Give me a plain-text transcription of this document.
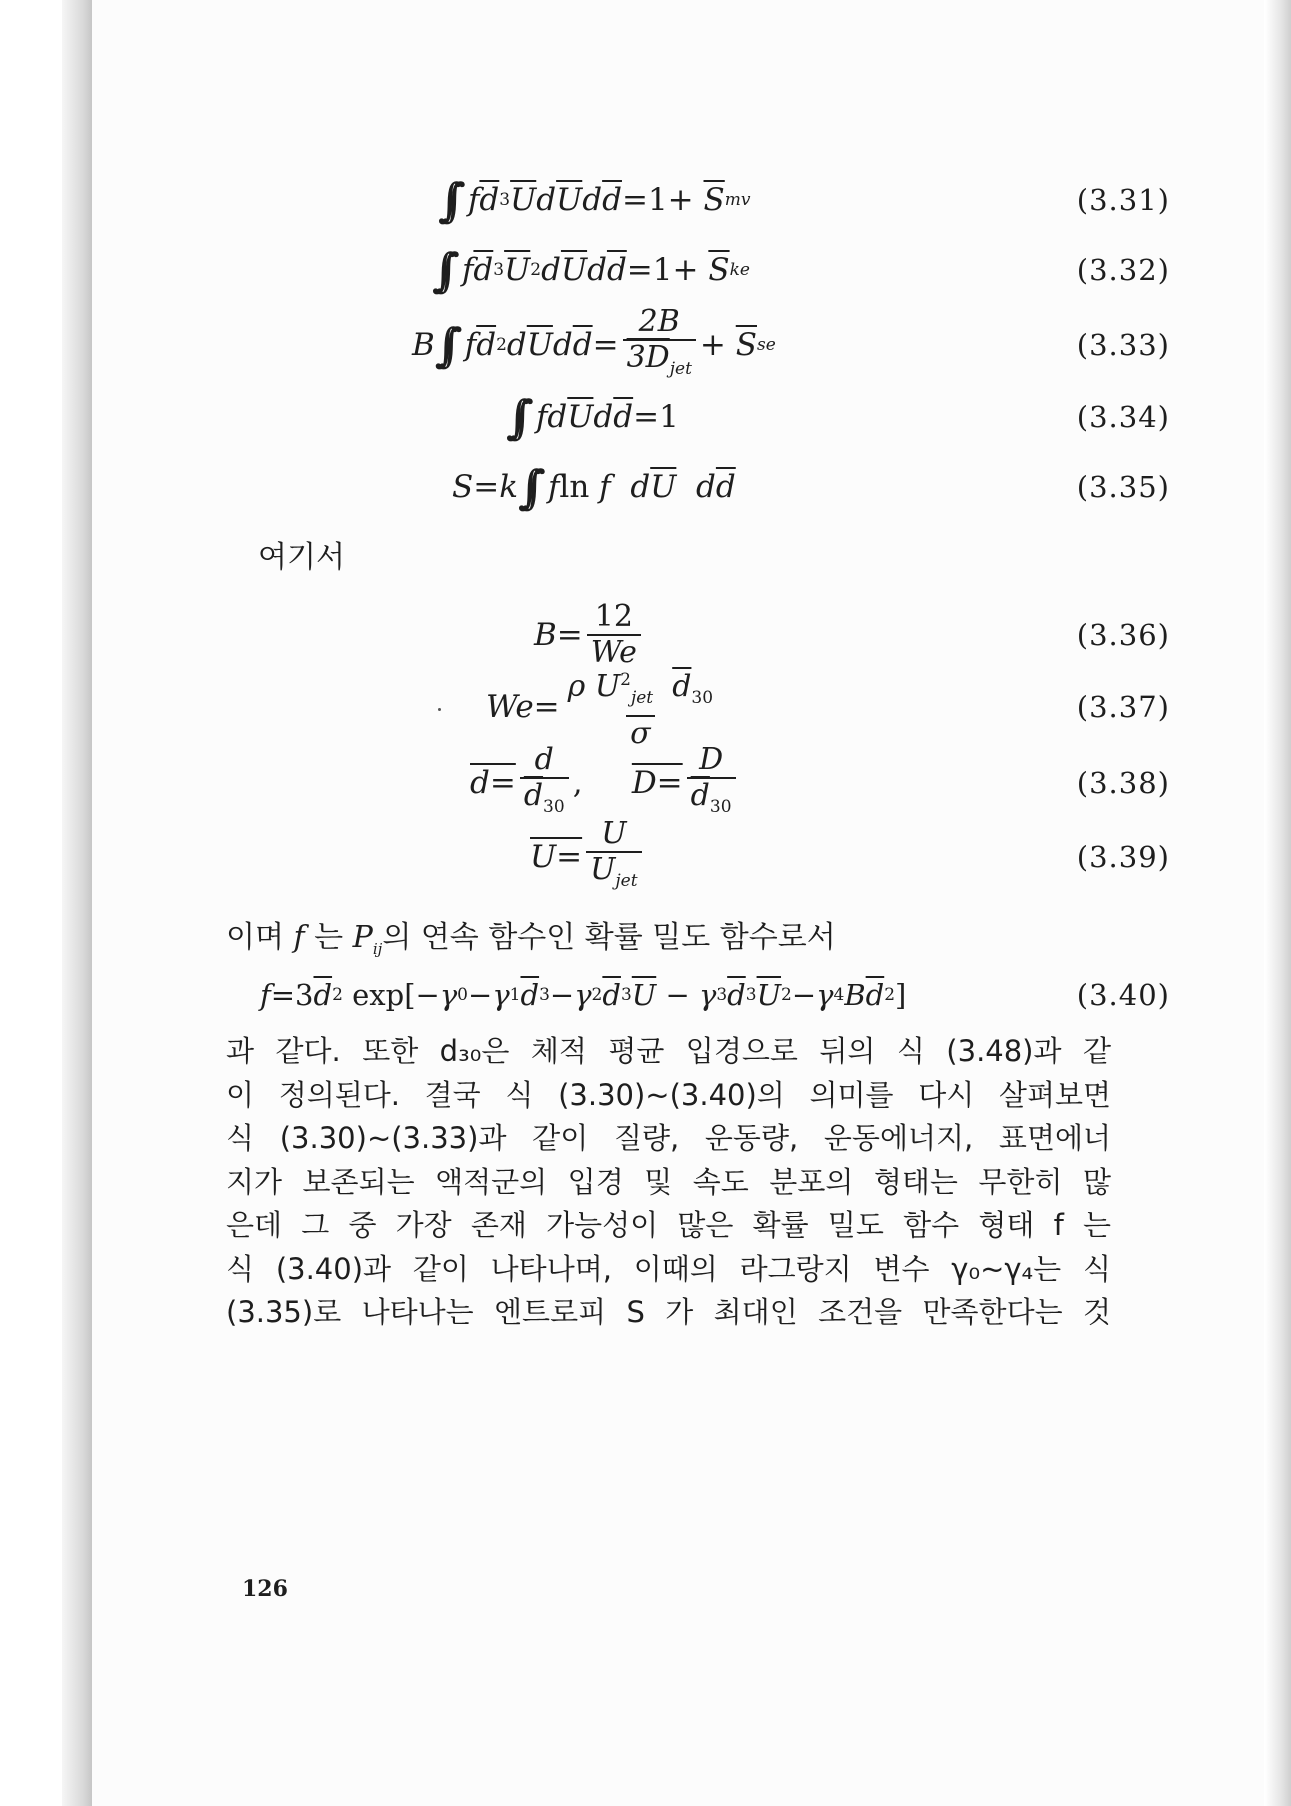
∫∫ f $\overline{d}$ 3 $\overline{U}$ d $\overline{U}$ d $\overline{d} =1+$
$\overline{S}$ mv	(3.31)
∫∫ f $\overline{d}$ 3 $\overline{U}$ 2 d $\overline{U}$ d $\overline{d} =1+$
$\overline{S}$ ke	(3.32)
B ∫∫ f $\overline{d}$ 2 d $\overline{U}$ d $\overline{d} = \frac{2B}{3D_{jet}}$ +
$\overline{S}$ se	(3.33)
∫∫ fd $\overline{U}$ d $\overline{d} =1$	(3.34)
S=k ∫∫ f ln f  d $\overline{U}$ d $\overline{d}$	(3.35)
여기서
$B= \frac{12}{We}$	(3.36)
$We= \frac{\rho U^2_{jet} \overline{d}_{30}}{\sigma}$	(3.37)
$d= \frac{d}{\overline{d}_{30}}$ ,
$D= \frac{D}{\overline{d}_{30}}$	(3.38)
$U= \frac{U}{U_{jet}}$	(3.39)
이며 f 는 $P_{ij}$의 연속 함수인 확률 밀도 함수로서
f =3 $\overline{d}$ 2 exp[ − γ 0 − γ 1 $\overline{d}$ 3 − γ 2 $\overline{d}$ 3 $\overline{U} - \gamma$ 3 $\overline{d}$ 3 $\overline{U}$ 2 − γ 4 B $\overline{d}$ 2 ]	(3.40)

과 같다. 또한 d₃₀은 체적 평균 입경으로 뒤의 식 (3.48)과 같

이 정의된다. 결국 식 (3.30)~(3.40)의 의미를 다시 살펴보면

식 (3.30)~(3.33)과 같이 질량, 운동량, 운동에너지, 표면에너

지가 보존되는 액적군의 입경 및 속도 분포의 형태는 무한히 많

은데 그 중 가장 존재 가능성이 많은 확률 밀도 함수 형태 f 는

식 (3.40)과 같이 나타나며, 이때의 라그랑지 변수 γ₀~γ₄는 식

(3.35)로 나타나는 엔트로피 S 가 최대인 조건을 만족한다는 것

126
